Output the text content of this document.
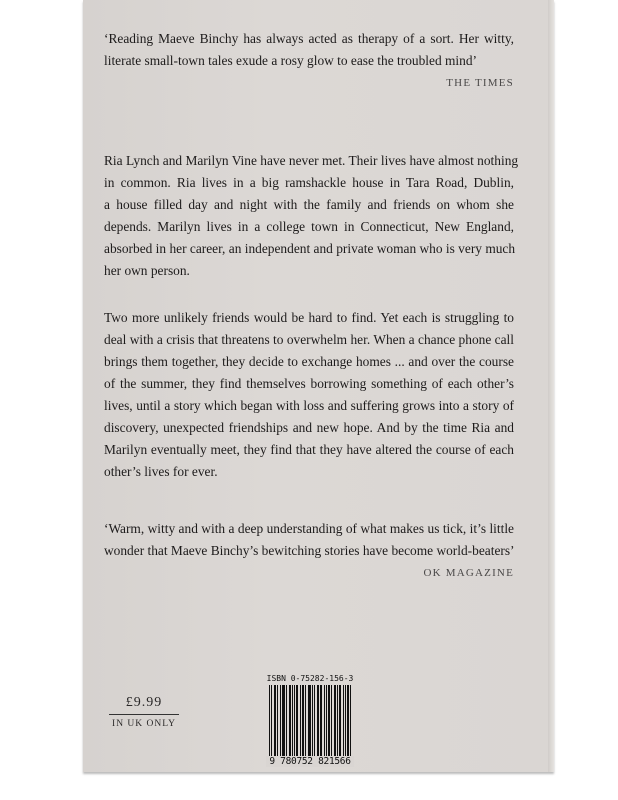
‘Reading Maeve Binchy has always acted as therapy of a sort. Her witty,
literate small-town tales exude a rosy glow to ease the troubled mind’
THE TIMES
Ria Lynch and Marilyn Vine have never met. Their lives have almost nothing
in common. Ria lives in a big ramshackle house in Tara Road, Dublin,
a house filled day and night with the family and friends on whom she
depends. Marilyn lives in a college town in Connecticut, New England,
absorbed in her career, an independent and private woman who is very much
her own person.
Two more unlikely friends would be hard to find. Yet each is struggling to
deal with a crisis that threatens to overwhelm her. When a chance phone call
brings them together, they decide to exchange homes ... and over the course
of the summer, they find themselves borrowing something of each other’s
lives, until a story which began with loss and suffering grows into a story of
discovery, unexpected friendships and new hope. And by the time Ria and
Marilyn eventually meet, they find that they have altered the course of each
other’s lives for ever.
‘Warm, witty and with a deep understanding of what makes us tick, it’s little
wonder that Maeve Binchy’s bewitching stories have become world-beaters’
OK MAGAZINE
£9.99
IN UK ONLY
ISBN 0-75282-156-3
9 780752 821566
